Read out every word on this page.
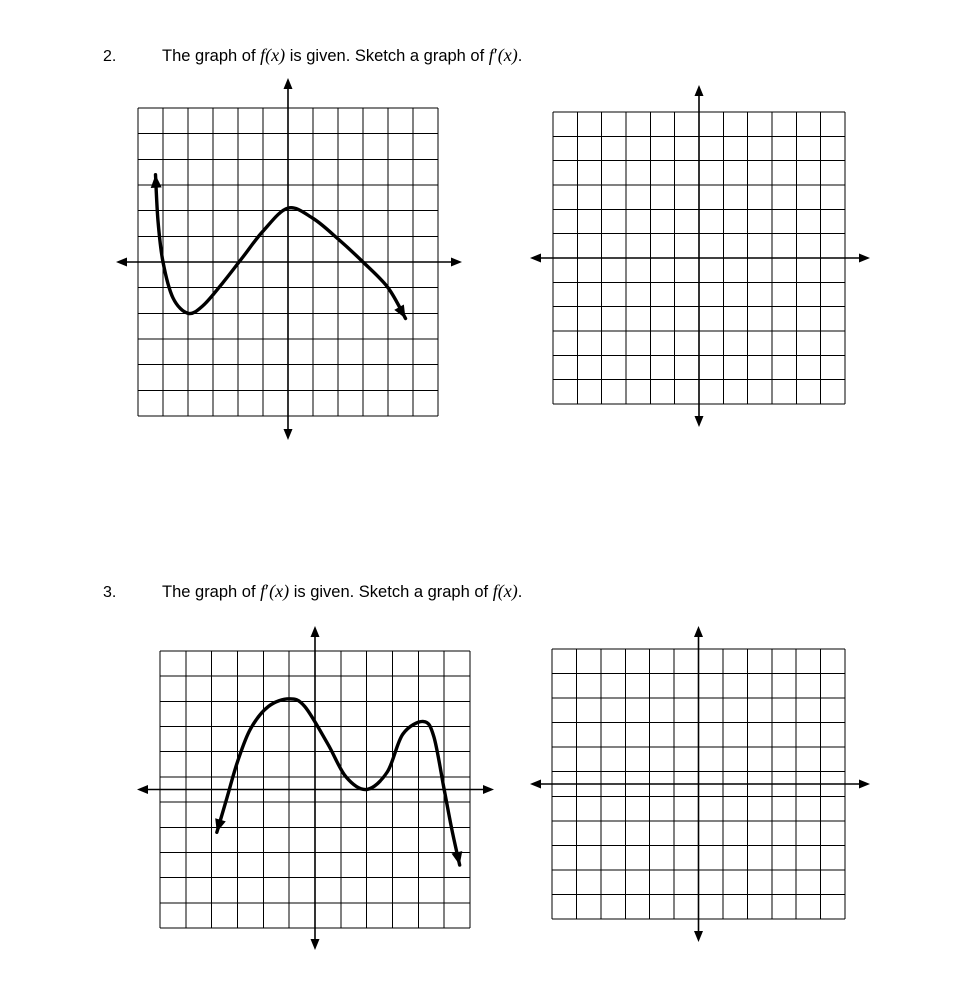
2.	The graph of f(x) is given. Sketch a graph of f′(x).
3.	The graph of f′(x) is given. Sketch a graph of f(x).
